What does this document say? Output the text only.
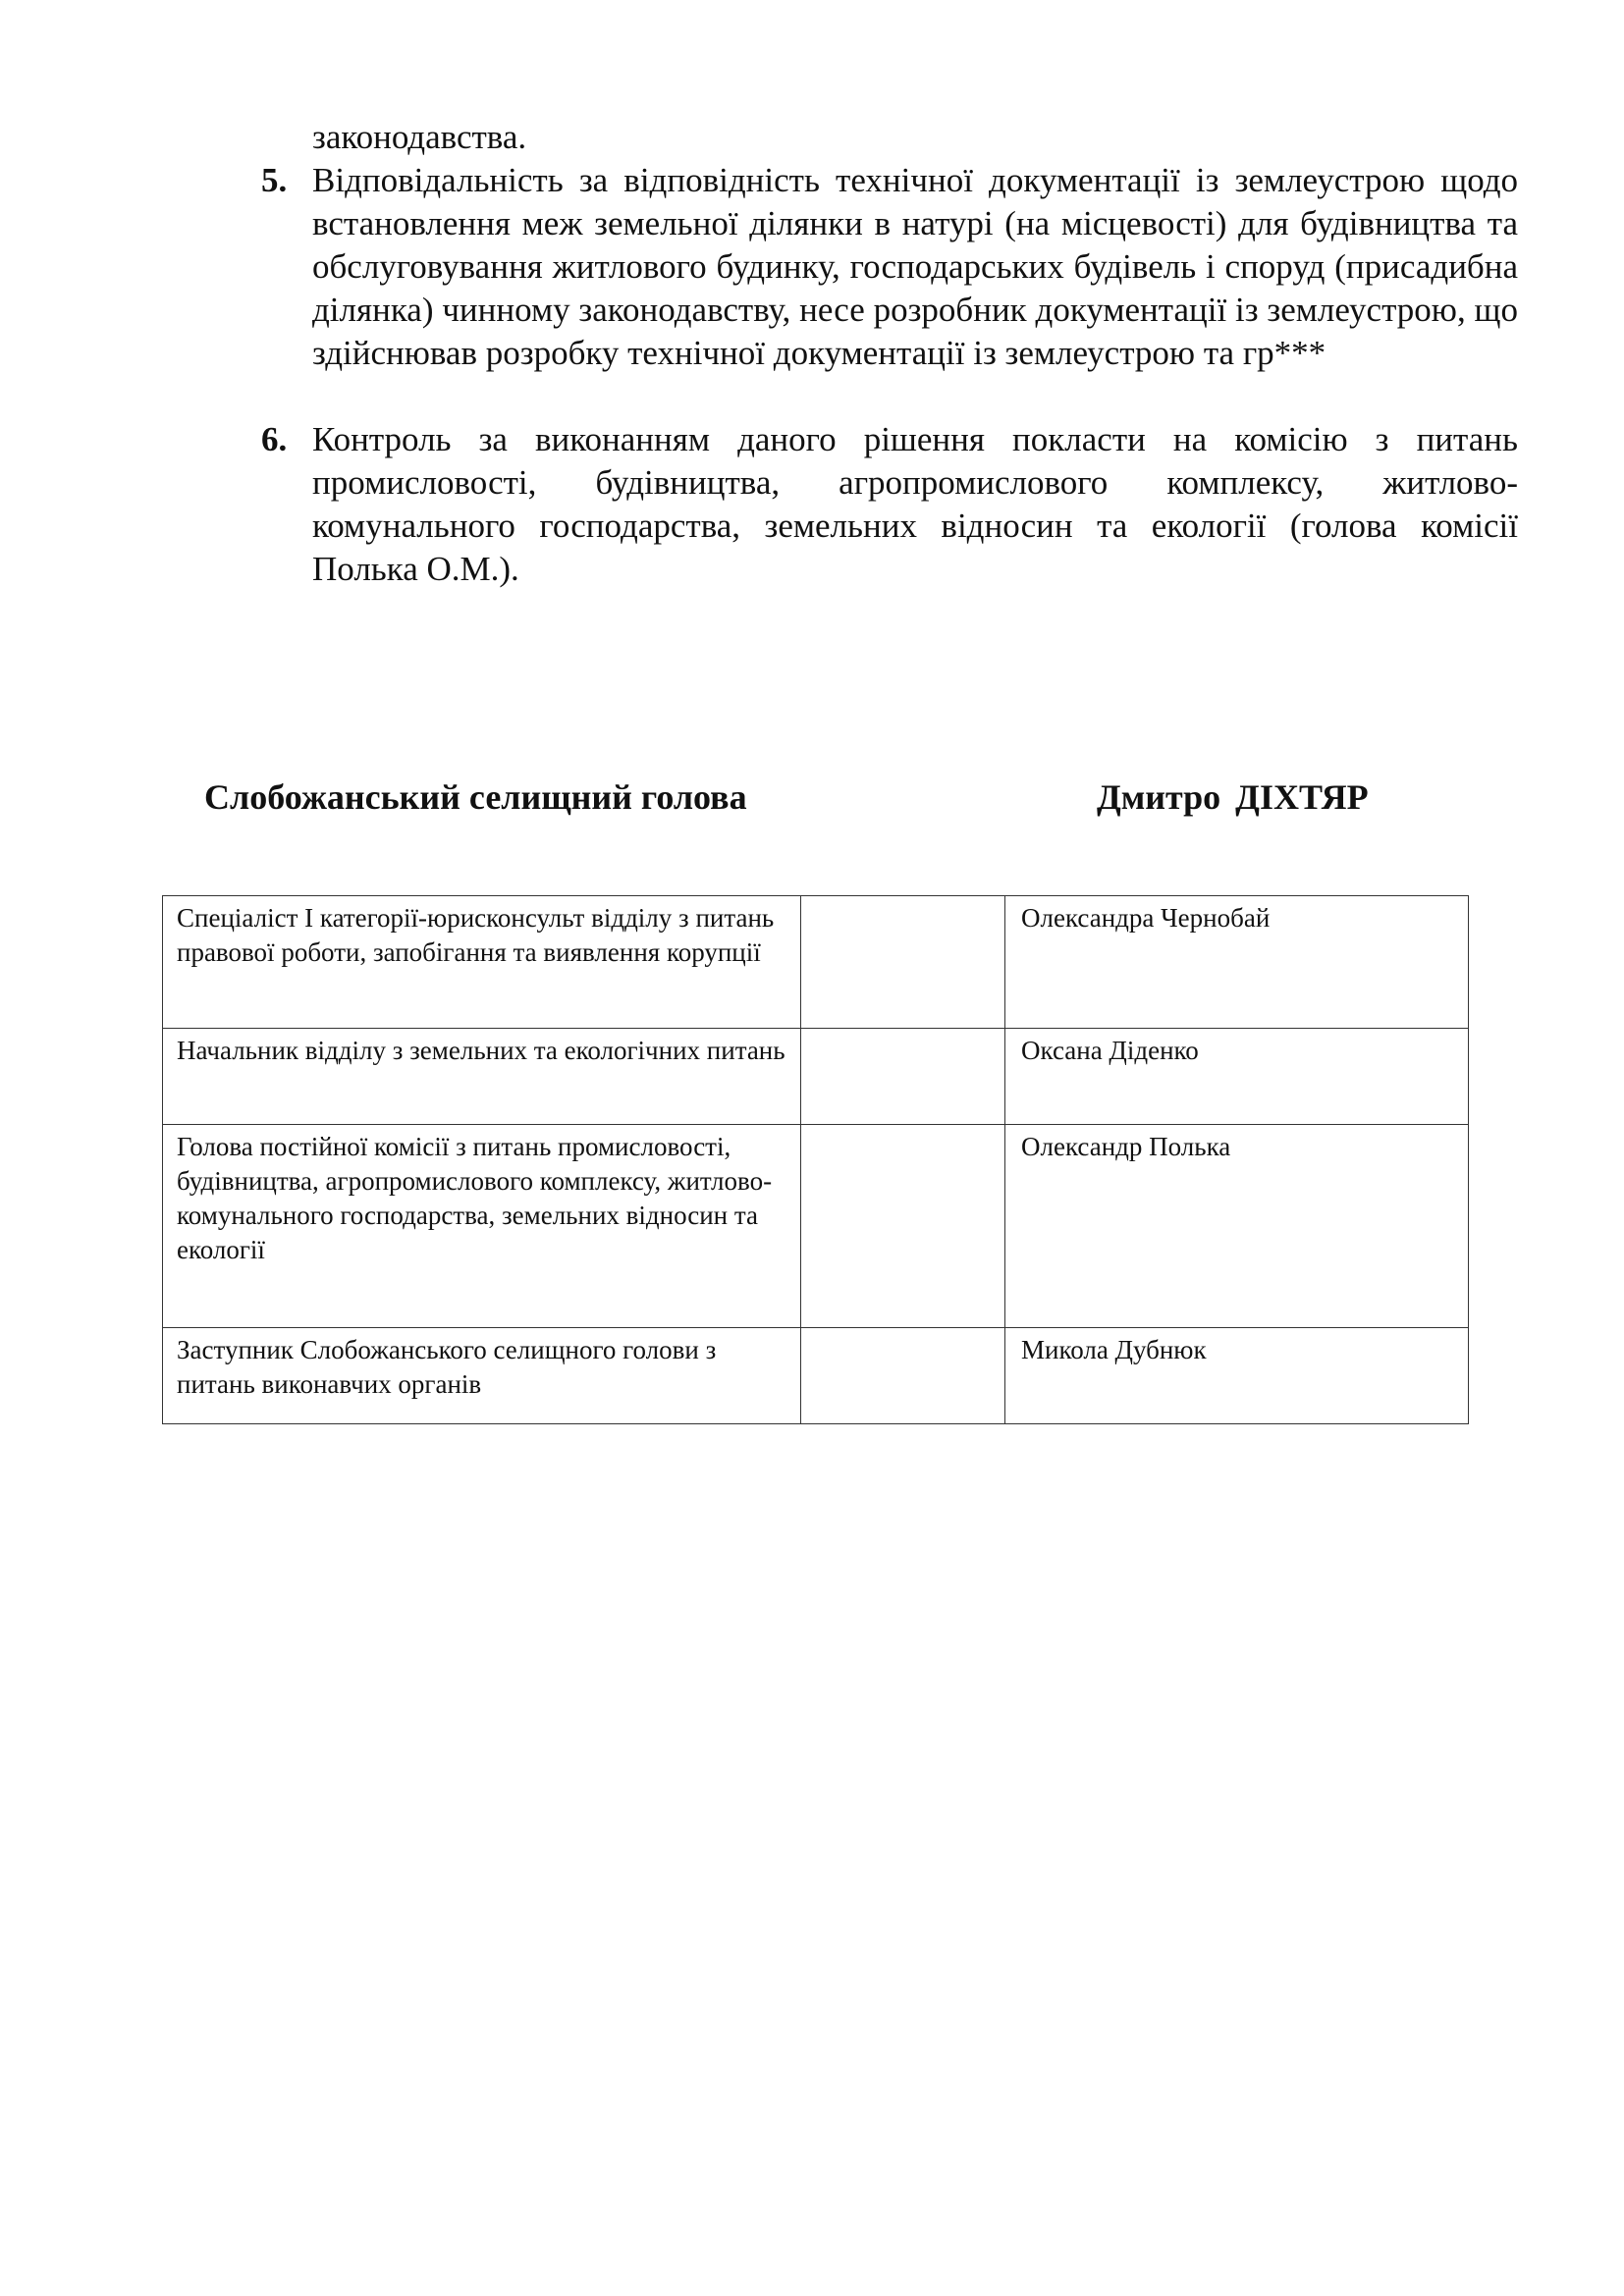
законодавства.

5. Відповідальність за відповідність технічної документації із землеустрою щодо встановлення меж земельної ділянки в натурі (на місцевості) для будівництва та обслуговування житлового будинку, господарських будівель і споруд (присадибна ділянка) чинному законодавству, несе розробник документації із землеустрою, що здійснював розробку технічної документації із землеустрою та гр***
6. Контроль за виконанням даного рішення покласти на комісію з питань промисловості, будівництва, агропромислового комплексу, житлово-комунального господарства, земельних відносин та екології (голова комісії Полька О.М.).
Слобожанський селищний голова	Дмитро ДІХТЯР
Спеціаліст І категорії-юрисконсульт відділу з питань правової роботи, запобігання та виявлення корупції		Олександра Чернобай
Начальник відділу з земельних та екологічних питань		Оксана Діденко
Голова постійної комісії з питань промисловості, будівництва, агропромислового комплексу, житлово-комунального господарства, земельних відносин та екології		Олександр Полька
Заступник Слобожанського селищного голови з питань виконавчих органів		Микола Дубнюк
